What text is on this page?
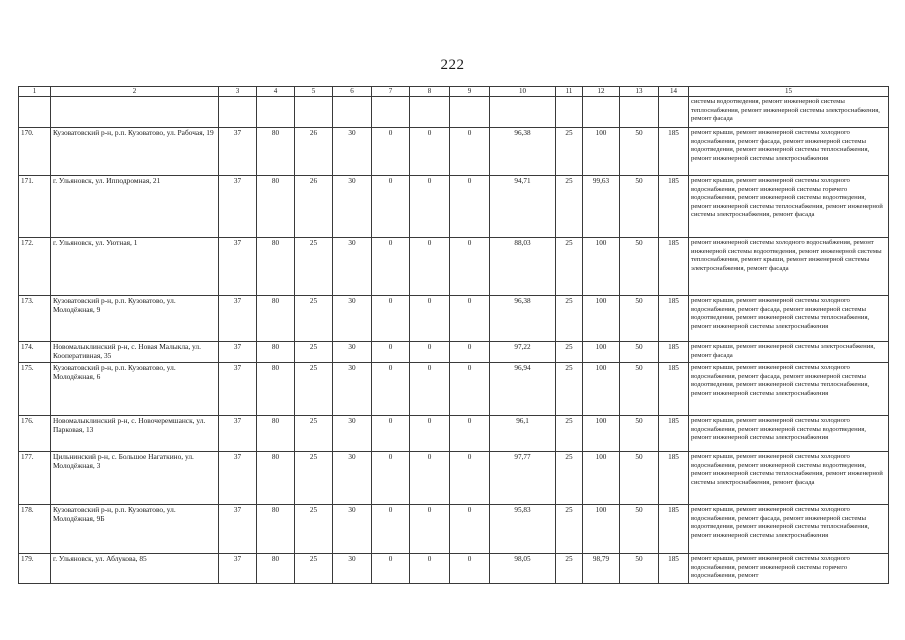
222
1	2	3	4	5	6	7	8	9	10	11	12	13	14	15
														системы водоотведения, ремонт инженерной системы теплоснабжения, ремонт инженерной системы электроснабжения, ремонт фасада
170.	Кузоватовский р-н, р.п. Кузоватово, ул. Рабочая, 19	37	80	26	30	0	0	0	96,38	25	100	50	185	ремонт крыши, ремонт инженерной системы холодного водоснабжения, ремонт фасада, ремонт инженерной системы водоотведения, ремонт инженерной системы теплоснабжения, ремонт инженерной системы электроснабжения
171.	г. Ульяновск, ул. Ипподромная, 21	37	80	26	30	0	0	0	94,71	25	99,63	50	185	ремонт крыши, ремонт инженерной системы холодного водоснабжения, ремонт инженерной системы горячего водоснабжения, ремонт инженерной системы водоотведения, ремонт инженерной системы теплоснабжения, ремонт инженерной системы электроснабжения, ремонт фасада
172.	г. Ульяновск, ул. Уютная, 1	37	80	25	30	0	0	0	88,03	25	100	50	185	ремонт инженерной системы холодного водоснабжения, ремонт инженерной системы водоотведения, ремонт инженерной системы теплоснабжения, ремонт крыши, ремонт инженерной системы электроснабжения, ремонт фасада
173.	Кузоватовский р-н, р.п. Кузоватово, ул. Молодёжная, 9	37	80	25	30	0	0	0	96,38	25	100	50	185	ремонт крыши, ремонт инженерной системы холодного водоснабжения, ремонт фасада, ремонт инженерной системы водоотведения, ремонт инженерной системы теплоснабжения, ремонт инженерной системы электроснабжения
174.	Новомалыклинский р-н, с. Новая Малыкла, ул. Кооперативная, 35	37	80	25	30	0	0	0	97,22	25	100	50	185	ремонт крыши, ремонт инженерной системы электроснабжения, ремонт фасада
175.	Кузоватовский р-н, р.п. Кузоватово, ул. Молодёжная, 6	37	80	25	30	0	0	0	96,94	25	100	50	185	ремонт крыши, ремонт инженерной системы холодного водоснабжения, ремонт фасада, ремонт инженерной системы водоотведения, ремонт инженерной системы теплоснабжения, ремонт инженерной системы электроснабжения
176.	Новомалыклинский р-н, с. Новочеремшанск, ул. Парковая, 13	37	80	25	30	0	0	0	96,1	25	100	50	185	ремонт крыши, ремонт инженерной системы холодного водоснабжения, ремонт инженерной системы водоотведения, ремонт инженерной системы электроснабжения
177.	Цильнинский р-н, с. Большое Нагаткино, ул. Молодёжная, 3	37	80	25	30	0	0	0	97,77	25	100	50	185	ремонт крыши, ремонт инженерной системы холодного водоснабжения, ремонт инженерной системы водоотведения, ремонт инженерной системы теплоснабжения, ремонт инженерной системы электроснабжения, ремонт фасада
178.	Кузоватовский р-н, р.п. Кузоватово, ул. Молодёжная, 9Б	37	80	25	30	0	0	0	95,83	25	100	50	185	ремонт крыши, ремонт инженерной системы холодного водоснабжения, ремонт фасада, ремонт инженерной системы водоотведения, ремонт инженерной системы теплоснабжения, ремонт инженерной системы электроснабжения
179.	г. Ульяновск, ул. Аблукова, 85	37	80	25	30	0	0	0	98,05	25	98,79	50	185	ремонт крыши, ремонт инженерной системы холодного водоснабжения, ремонт инженерной системы горячего водоснабжения, ремонт
